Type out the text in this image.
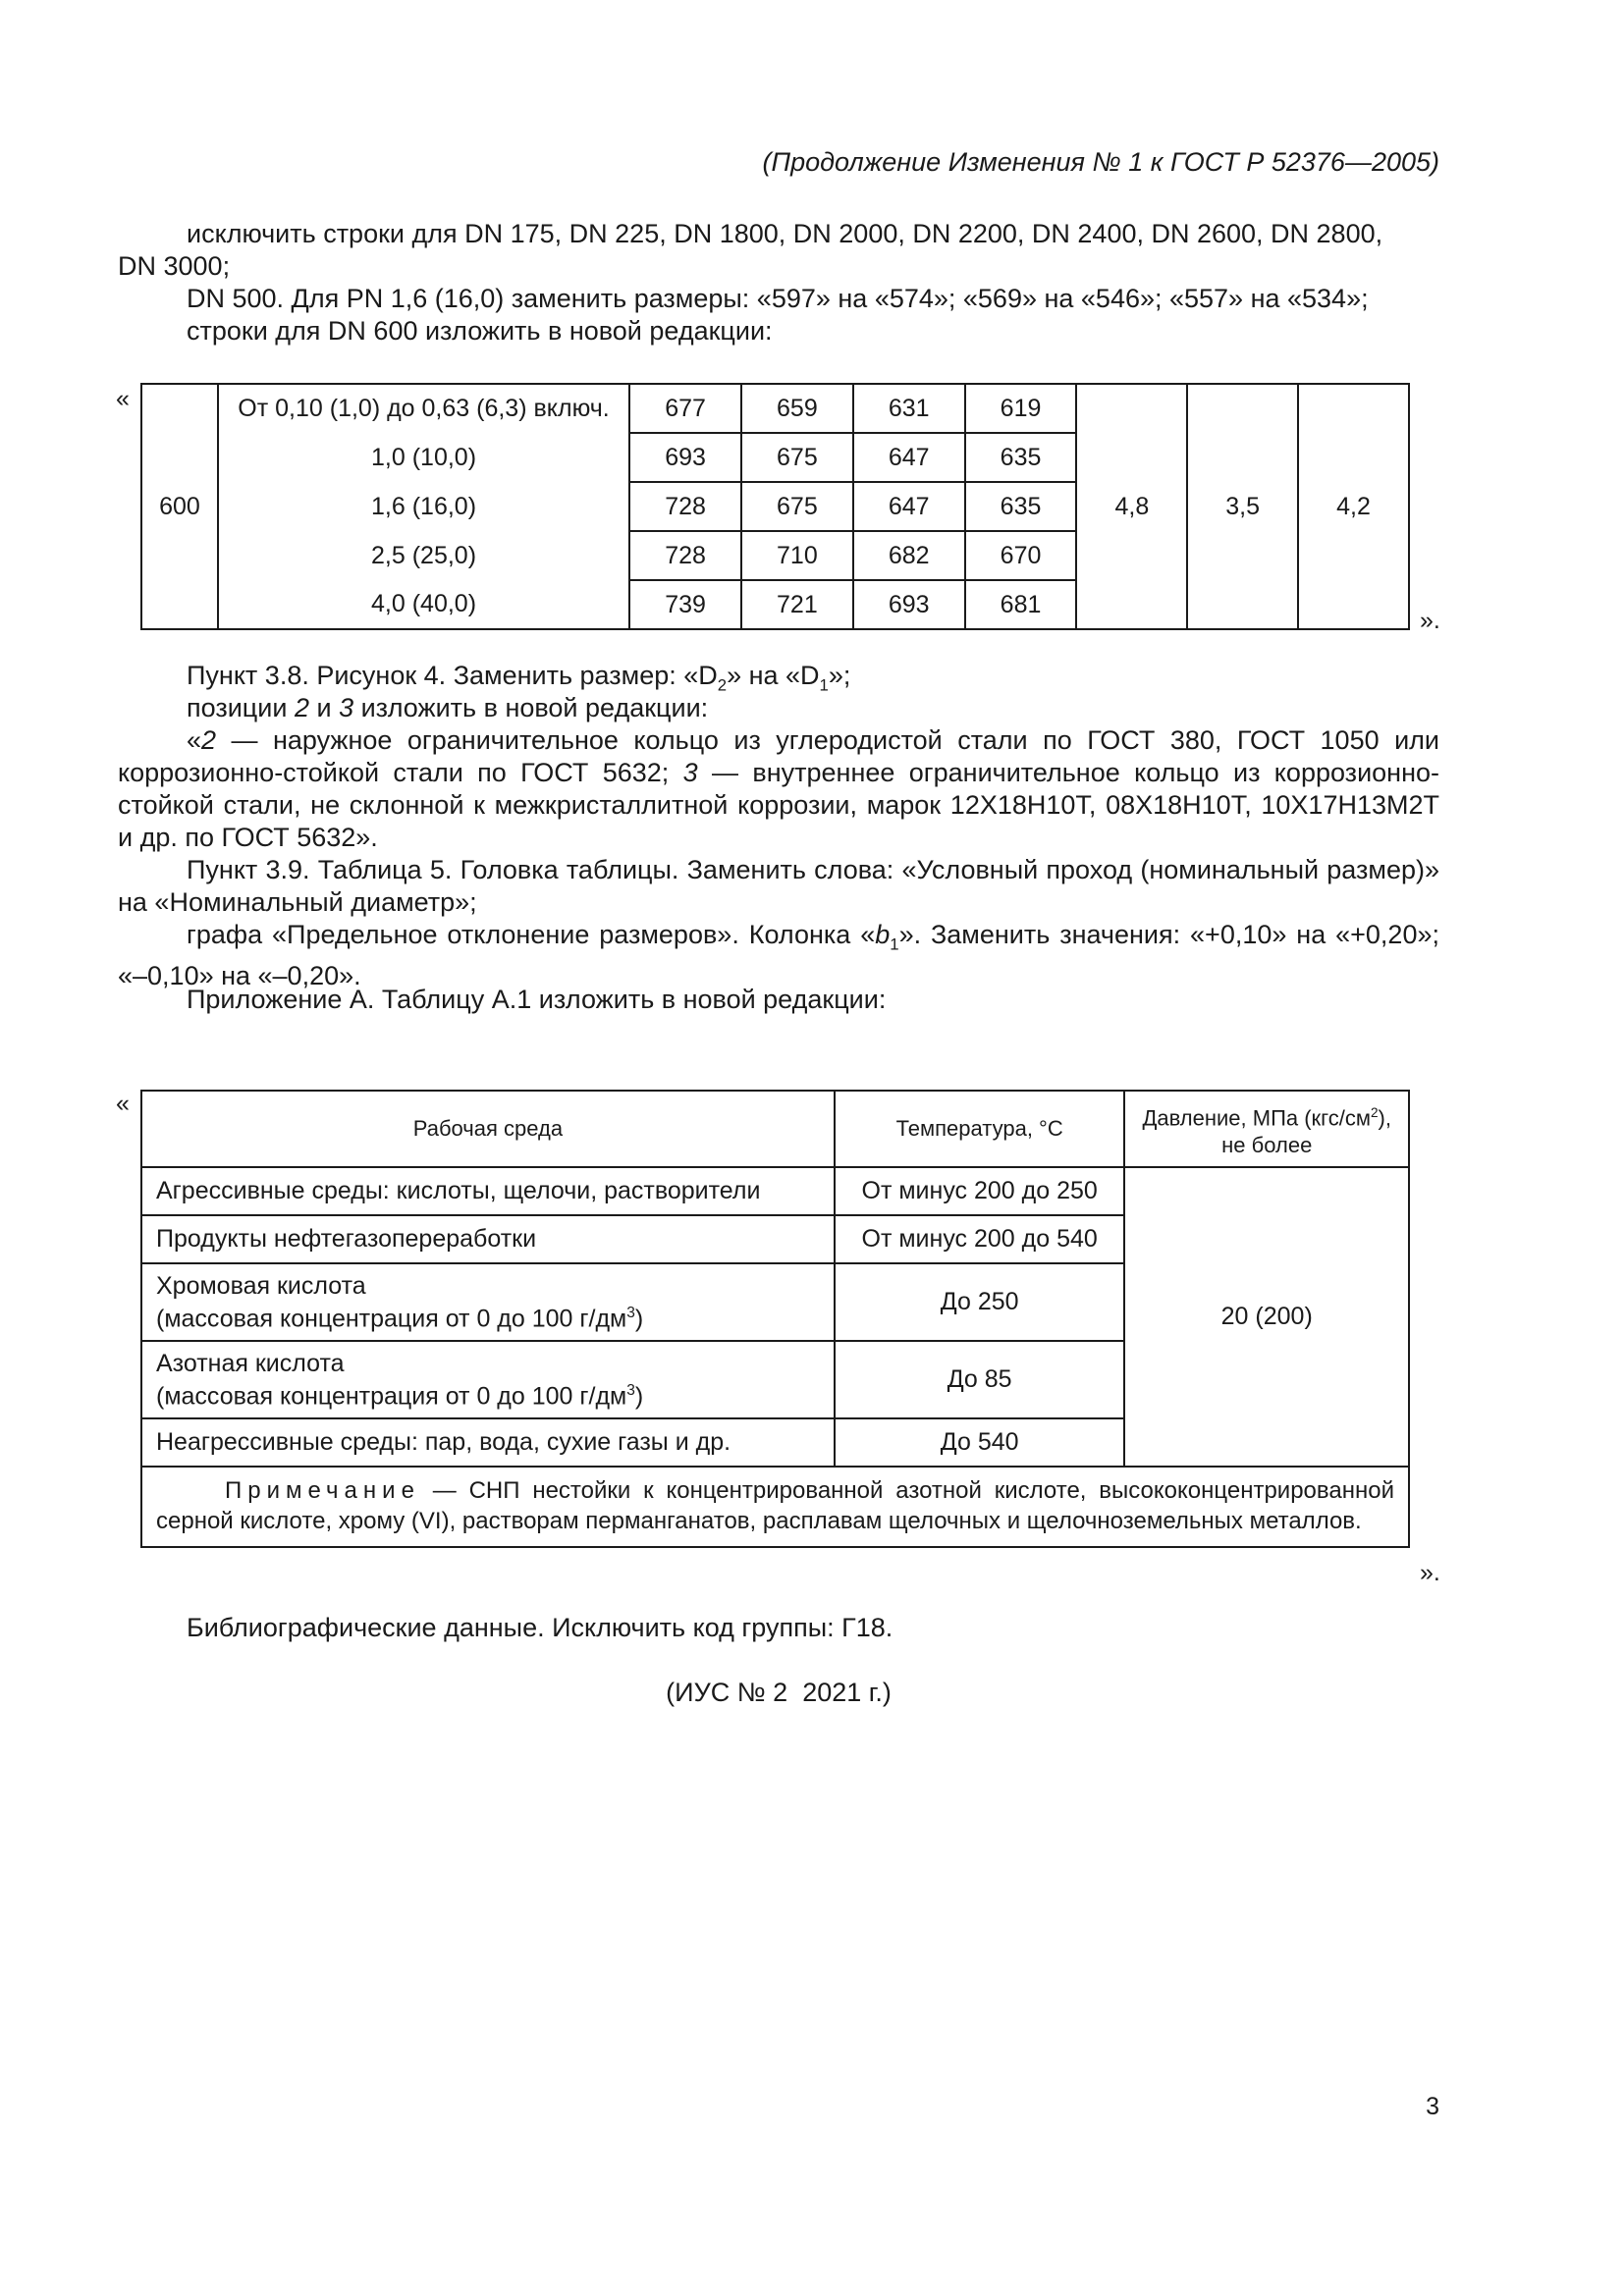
(Продолжение Изменения № 1 к ГОСТ Р 52376—2005)
исключить строки для DN 175, DN 225, DN 1800, DN 2000, DN 2200, DN 2400, DN 2600, DN 2800,
DN 3000;
DN 500. Для PN 1,6 (16,0) заменить размеры: «597» на «574»; «569» на «546»; «557» на «534»;
строки для DN 600 изложить в новой редакции:
«
600	От 0,10 (1,0) до 0,63 (6,3) включ.	677	659	631	619	4,8	3,5	4,2
	1,0 (10,0)	693	675	647	635			
	1,6 (16,0)	728	675	647	635			
	2,5 (25,0)	728	710	682	670			
	4,0 (40,0)	739	721	693	681			
».
Пункт 3.8. Рисунок 4. Заменить размер: «$D_2$» на «$D_1$»;
позиции 2 и 3 изложить в новой редакции:
«2 — наружное ограничительное кольцо из углеродистой стали по ГОСТ 380, ГОСТ 1050 или коррозионно-стойкой стали по ГОСТ 5632; 3 — внутреннее ограничительное кольцо из коррозионно-стойкой стали, не склонной к межкристаллитной коррозии, марок 12Х18Н10Т, 08Х18Н10Т, 10Х17Н13М2Т и др. по ГОСТ 5632».
Пункт 3.9. Таблица 5. Головка таблицы. Заменить слова: «Условный проход (номинальный размер)» на «Номинальный диаметр»;
графа «Предельное отклонение размеров». Колонка «$b_1$». Заменить значения: «+0,10» на «+0,20»; «–0,10» на «–0,20».
Приложение А. Таблицу А.1 изложить в новой редакции:
«
Рабочая среда	Температура, °С	Давление, МПа $(кгс/см^2)$,
не более
Агрессивные среды: кислоты, щелочи, растворители	От минус 200 до 250	20 (200)
Продукты нефтегазопереработки	От минус 200 до 540	
Хромовая кислота
(массовая концентрация от 0 до 100 $г/дм^3$)	До 250	
Азотная кислота
(массовая концентрация от 0 до 100 $г/дм^3$)	До 85	
Неагрессивные среды: пар, вода, сухие газы и др.	До 540	
Примечание — СНП нестойки к концентрированной азотной кислоте, высококонцентрированной серной кислоте, хрому (VI), растворам перманганатов, расплавам щелочных и щелочноземельных металлов.		
».
Библиографические данные. Исключить код группы: Г18.
(ИУС № 2  2021 г.)
3
